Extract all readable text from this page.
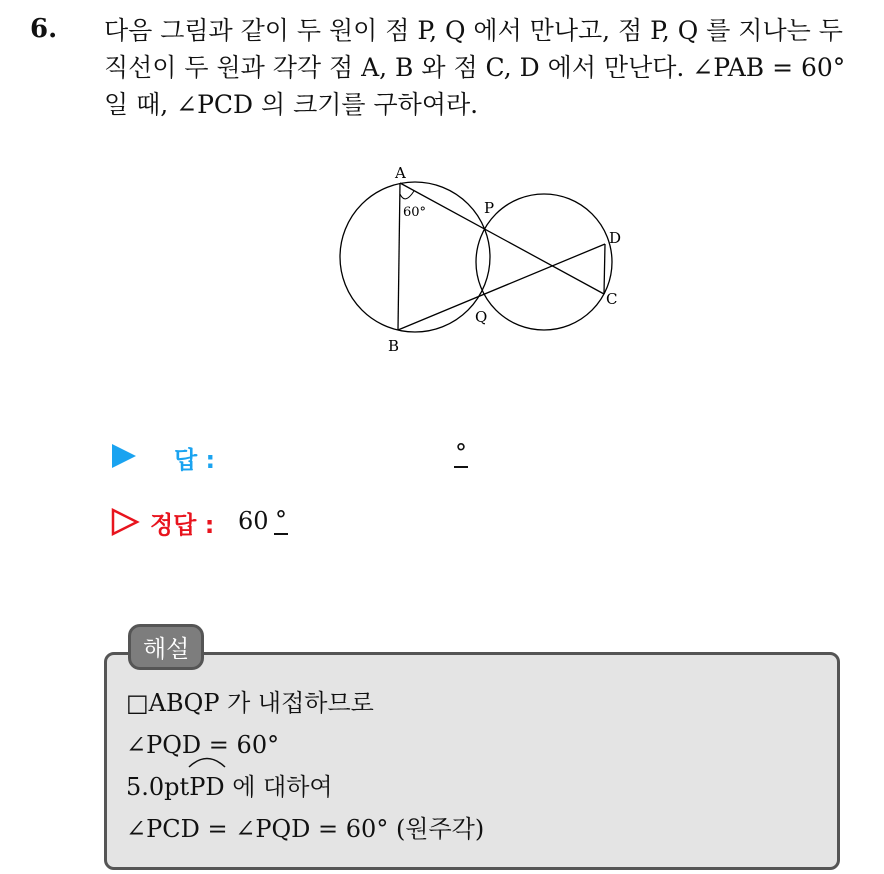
6. 다음 그림과 같이 두 원이 점 P, Q 에서 만나고, 점 P, Q 를 지나는 두
직선이 두 원과 각각 점 A, B 와 점 C, D 에서 만난다. ∠PAB = 60°
일 때, ∠PCD 의 크기를 구하여라.

A
B
P
Q
D
C
60°
답 :	°
정답 : 60 °
해설
□ABQP 가 내접하므로
∠PQD = 60°
5.0pt
PD 에 대하여
∠PCD = ∠PQD = 60° (원주각)
